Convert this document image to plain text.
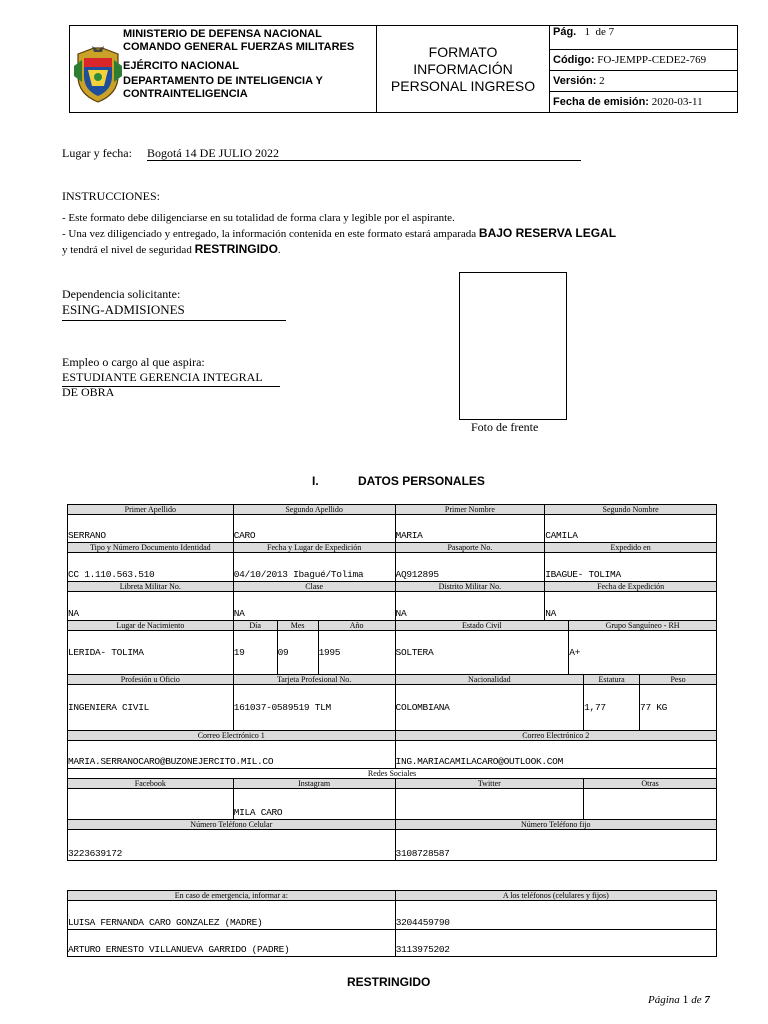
MINISTERIO DE DEFENSA NACIONAL
COMANDO GENERAL FUERZAS MILITARES
EJÉRCITO NACIONAL
DEPARTAMENTO DE INTELIGENCIA Y
CONTRAINTELIGENCIA

FORMATO
INFORMACIÓN
PERSONAL INGRESO
	Pág. 1 de 7
Código: FO-JEMPP-CEDE2-769
Versión: 2
Fecha de emisión: 2020-03-11
Lugar y fecha: Bogotá 14 DE JULIO 2022
INSTRUCCIONES:
- Este formato debe diligenciarse en su totalidad de forma clara y legible por el aspirante.
- Una vez diligenciado y entregado, la información contenida en este formato estará amparada BAJO RESERVA LEGAL
y tendrá el nivel de seguridad RESTRINGIDO.
Dependencia solicitante:
ESING-ADMISIONES
Empleo o cargo al que aspira:
ESTUDIANTE GERENCIA INTEGRAL DE OBRA
Foto de frente
I.	DATOS PERSONALES
Primer Apellido	Segundo Apellido			Primer Nombre	Segundo Nombre			
SERRANO	CARO			MARIA	CAMILA			
Tipo y Número Documento Identidad	Fecha y Lugar de Expedición			Pasaporte No.	Expedido en			
CC 1.110.563.510	04/10/2013 Ibagué/Tolima			AQ912895	IBAGUE- TOLIMA			
Libreta Militar No.	Clase			Distrito Militar No.	Fecha de Expedición			
NA	NA			NA	NA			
Lugar de Nacimiento	Día	Mes	Año	Estado Civil		Grupo Sanguíneo - RH		
LERIDA- TOLIMA	19	09	1995	SOLTERA		A+		
Profesión u Oficio	Tarjeta Profesional No.			Nacionalidad			Estatura	Peso
INGENIERA CIVIL	161037-0589519 TLM			COLOMBIANA			1,77	77 KG
Correo Electrónico 1				Correo Electrónico 2				
MARIA.SERRANOCARO@BUZONEJERCITO.MIL.CO				ING.MARIACAMILACARO@OUTLOOK.COM				
Redes Sociales								
Facebook	Instagram			Twitter			Otras	
	MILA CARO							
Número Teléfono Celular				Número Teléfono fijo				
3223639172				3108728587				
En caso de emergencia, informar a:	A los teléfonos (celulares y fijos)
LUISA FERNANDA CARO GONZALEZ (MADRE)	3204459790
ARTURO ERNESTO VILLANUEVA GARRIDO (PADRE)	3113975202
RESTRINGIDO
Página 1 de 7
